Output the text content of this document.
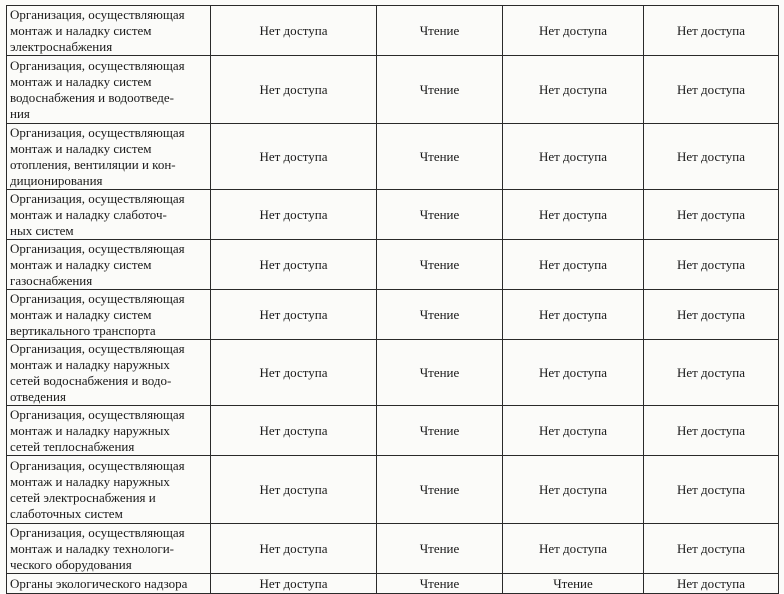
Организация, осуществляющая
монтаж и наладку систем
электроснабжения	Нет доступа	Чтение	Нет доступа	Нет доступа

Организация, осуществляющая
монтаж и наладку систем
водоснабжения и водоотведе-
ния	Нет доступа	Чтение	Нет доступа	Нет доступа

Организация, осуществляющая
монтаж и наладку систем
отопления, вентиляции и кон-
диционирования	Нет доступа	Чтение	Нет доступа	Нет доступа

Организация, осуществляющая
монтаж и наладку слаботоч-
ных систем	Нет доступа	Чтение	Нет доступа	Нет доступа

Организация, осуществляющая
монтаж и наладку систем
газоснабжения	Нет доступа	Чтение	Нет доступа	Нет доступа

Организация, осуществляющая
монтаж и наладку систем
вертикального транспорта	Нет доступа	Чтение	Нет доступа	Нет доступа

Организация, осуществляющая
монтаж и наладку наружных
сетей водоснабжения и водо-
отведения	Нет доступа	Чтение	Нет доступа	Нет доступа

Организация, осуществляющая
монтаж и наладку наружных
сетей теплоснабжения	Нет доступа	Чтение	Нет доступа	Нет доступа

Организация, осуществляющая
монтаж и наладку наружных
сетей электроснабжения и
слаботочных систем	Нет доступа	Чтение	Нет доступа	Нет доступа

Организация, осуществляющая
монтаж и наладку технологи-
ческого оборудования	Нет доступа	Чтение	Нет доступа	Нет доступа

Органы экологического надзора	Нет доступа	Чтение	Чтение	Нет доступа
